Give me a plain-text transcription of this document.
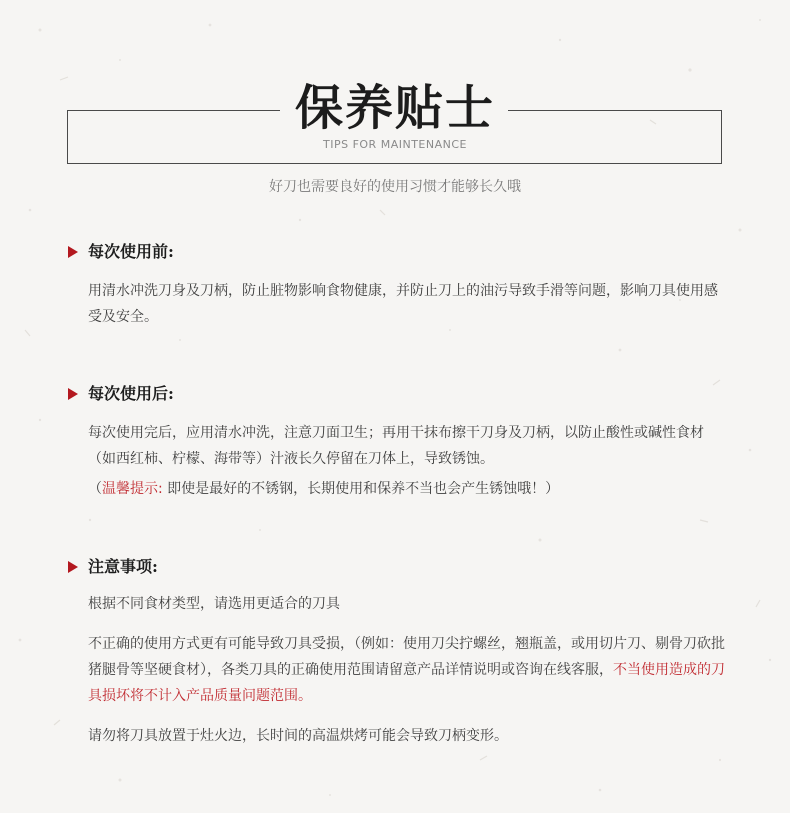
保养贴士
TIPS FOR MAINTENANCE
好刀也需要良好的使用习惯才能够长久哦
每次使用前:

用清水冲洗刀身及刀柄，防止脏物影响食物健康，并防止刀上的油污导致手滑等问题，影响刀具使用感受及安全。

每次使用后:

每次使用完后，应用清水冲洗，注意刀面卫生；再用干抹布擦干刀身及刀柄，以防止酸性或碱性食材（如西红柿、柠檬、海带等）汁液长久停留在刀体上，导致锈蚀。

（温馨提示: 即使是最好的不锈钢，长期使用和保养不当也会产生锈蚀哦！）

注意事项:

根据不同食材类型，请选用更适合的刀具

不正确的使用方式更有可能导致刀具受损，（例如：使用刀尖拧螺丝，翘瓶盖，或用切片刀、剔骨刀砍批猪腿骨等坚硬食材），各类刀具的正确使用范围请留意产品详情说明或咨询在线客服，不当使用造成的刀具损坏将不计入产品质量问题范围。

请勿将刀具放置于灶火边，长时间的高温烘烤可能会导致刀柄变形。
